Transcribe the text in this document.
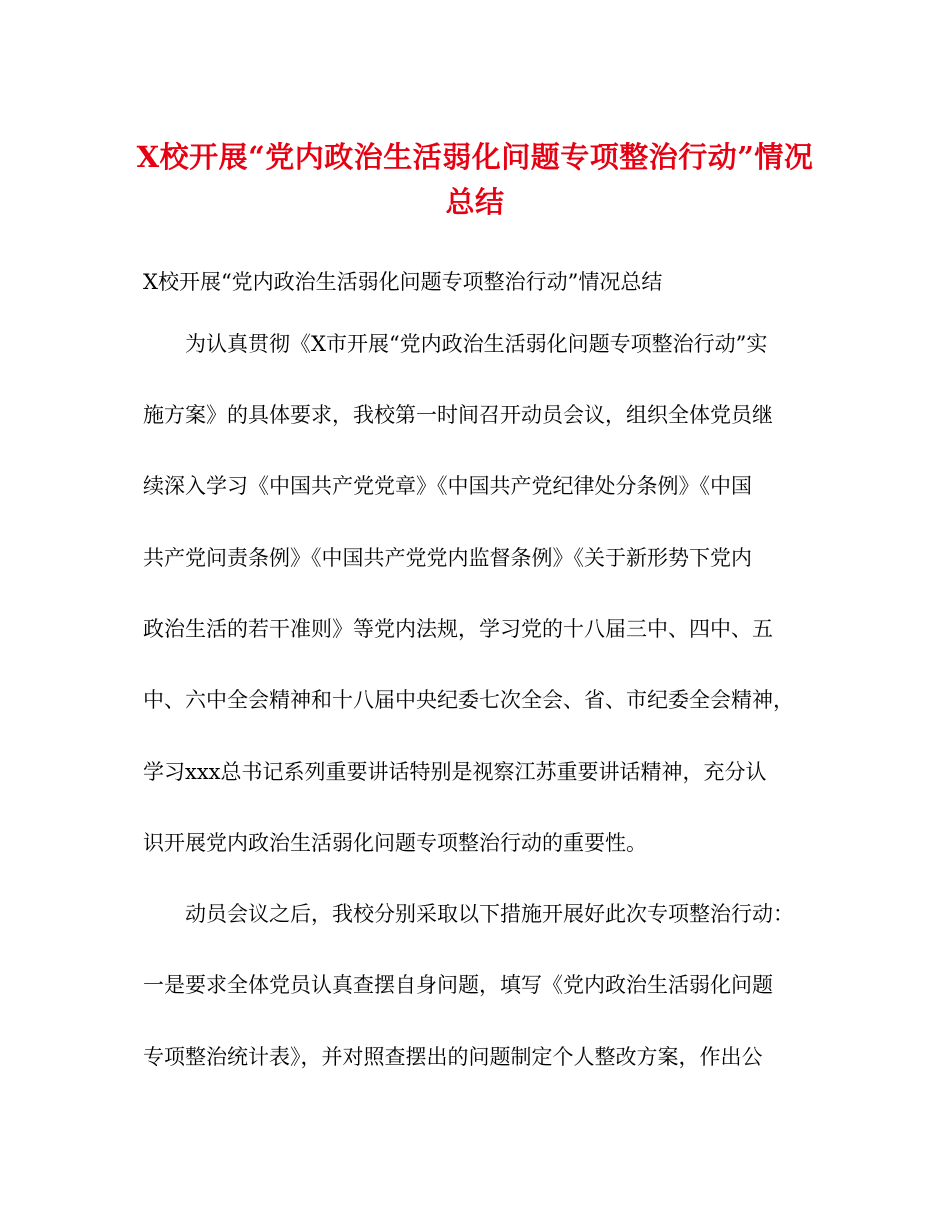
X校开展“党内政治生活弱化问题专项整治行动”情况
总结
X校开展“党内政治生活弱化问题专项整治行动”情况总结
为认真贯彻《X市开展“党内政治生活弱化问题专项整治行动”实
施方案》的具体要求，我校第一时间召开动员会议，组织全体党员继
续深入学习《中国共产党党章》《中国共产党纪律处分条例》《中国
共产党问责条例》《中国共产党党内监督条例》《关于新形势下党内
政治生活的若干准则》等党内法规，学习党的十八届三中、四中、五
中、六中全会精神和十八届中央纪委七次全会、省、市纪委全会精神，
学习xxx总书记系列重要讲话特别是视察江苏重要讲话精神，充分认
识开展党内政治生活弱化问题专项整治行动的重要性。
动员会议之后，我校分别采取以下措施开展好此次专项整治行动：
一是要求全体党员认真查摆自身问题，填写《党内政治生活弱化问题
专项整治统计表》，并对照查摆出的问题制定个人整改方案，作出公
